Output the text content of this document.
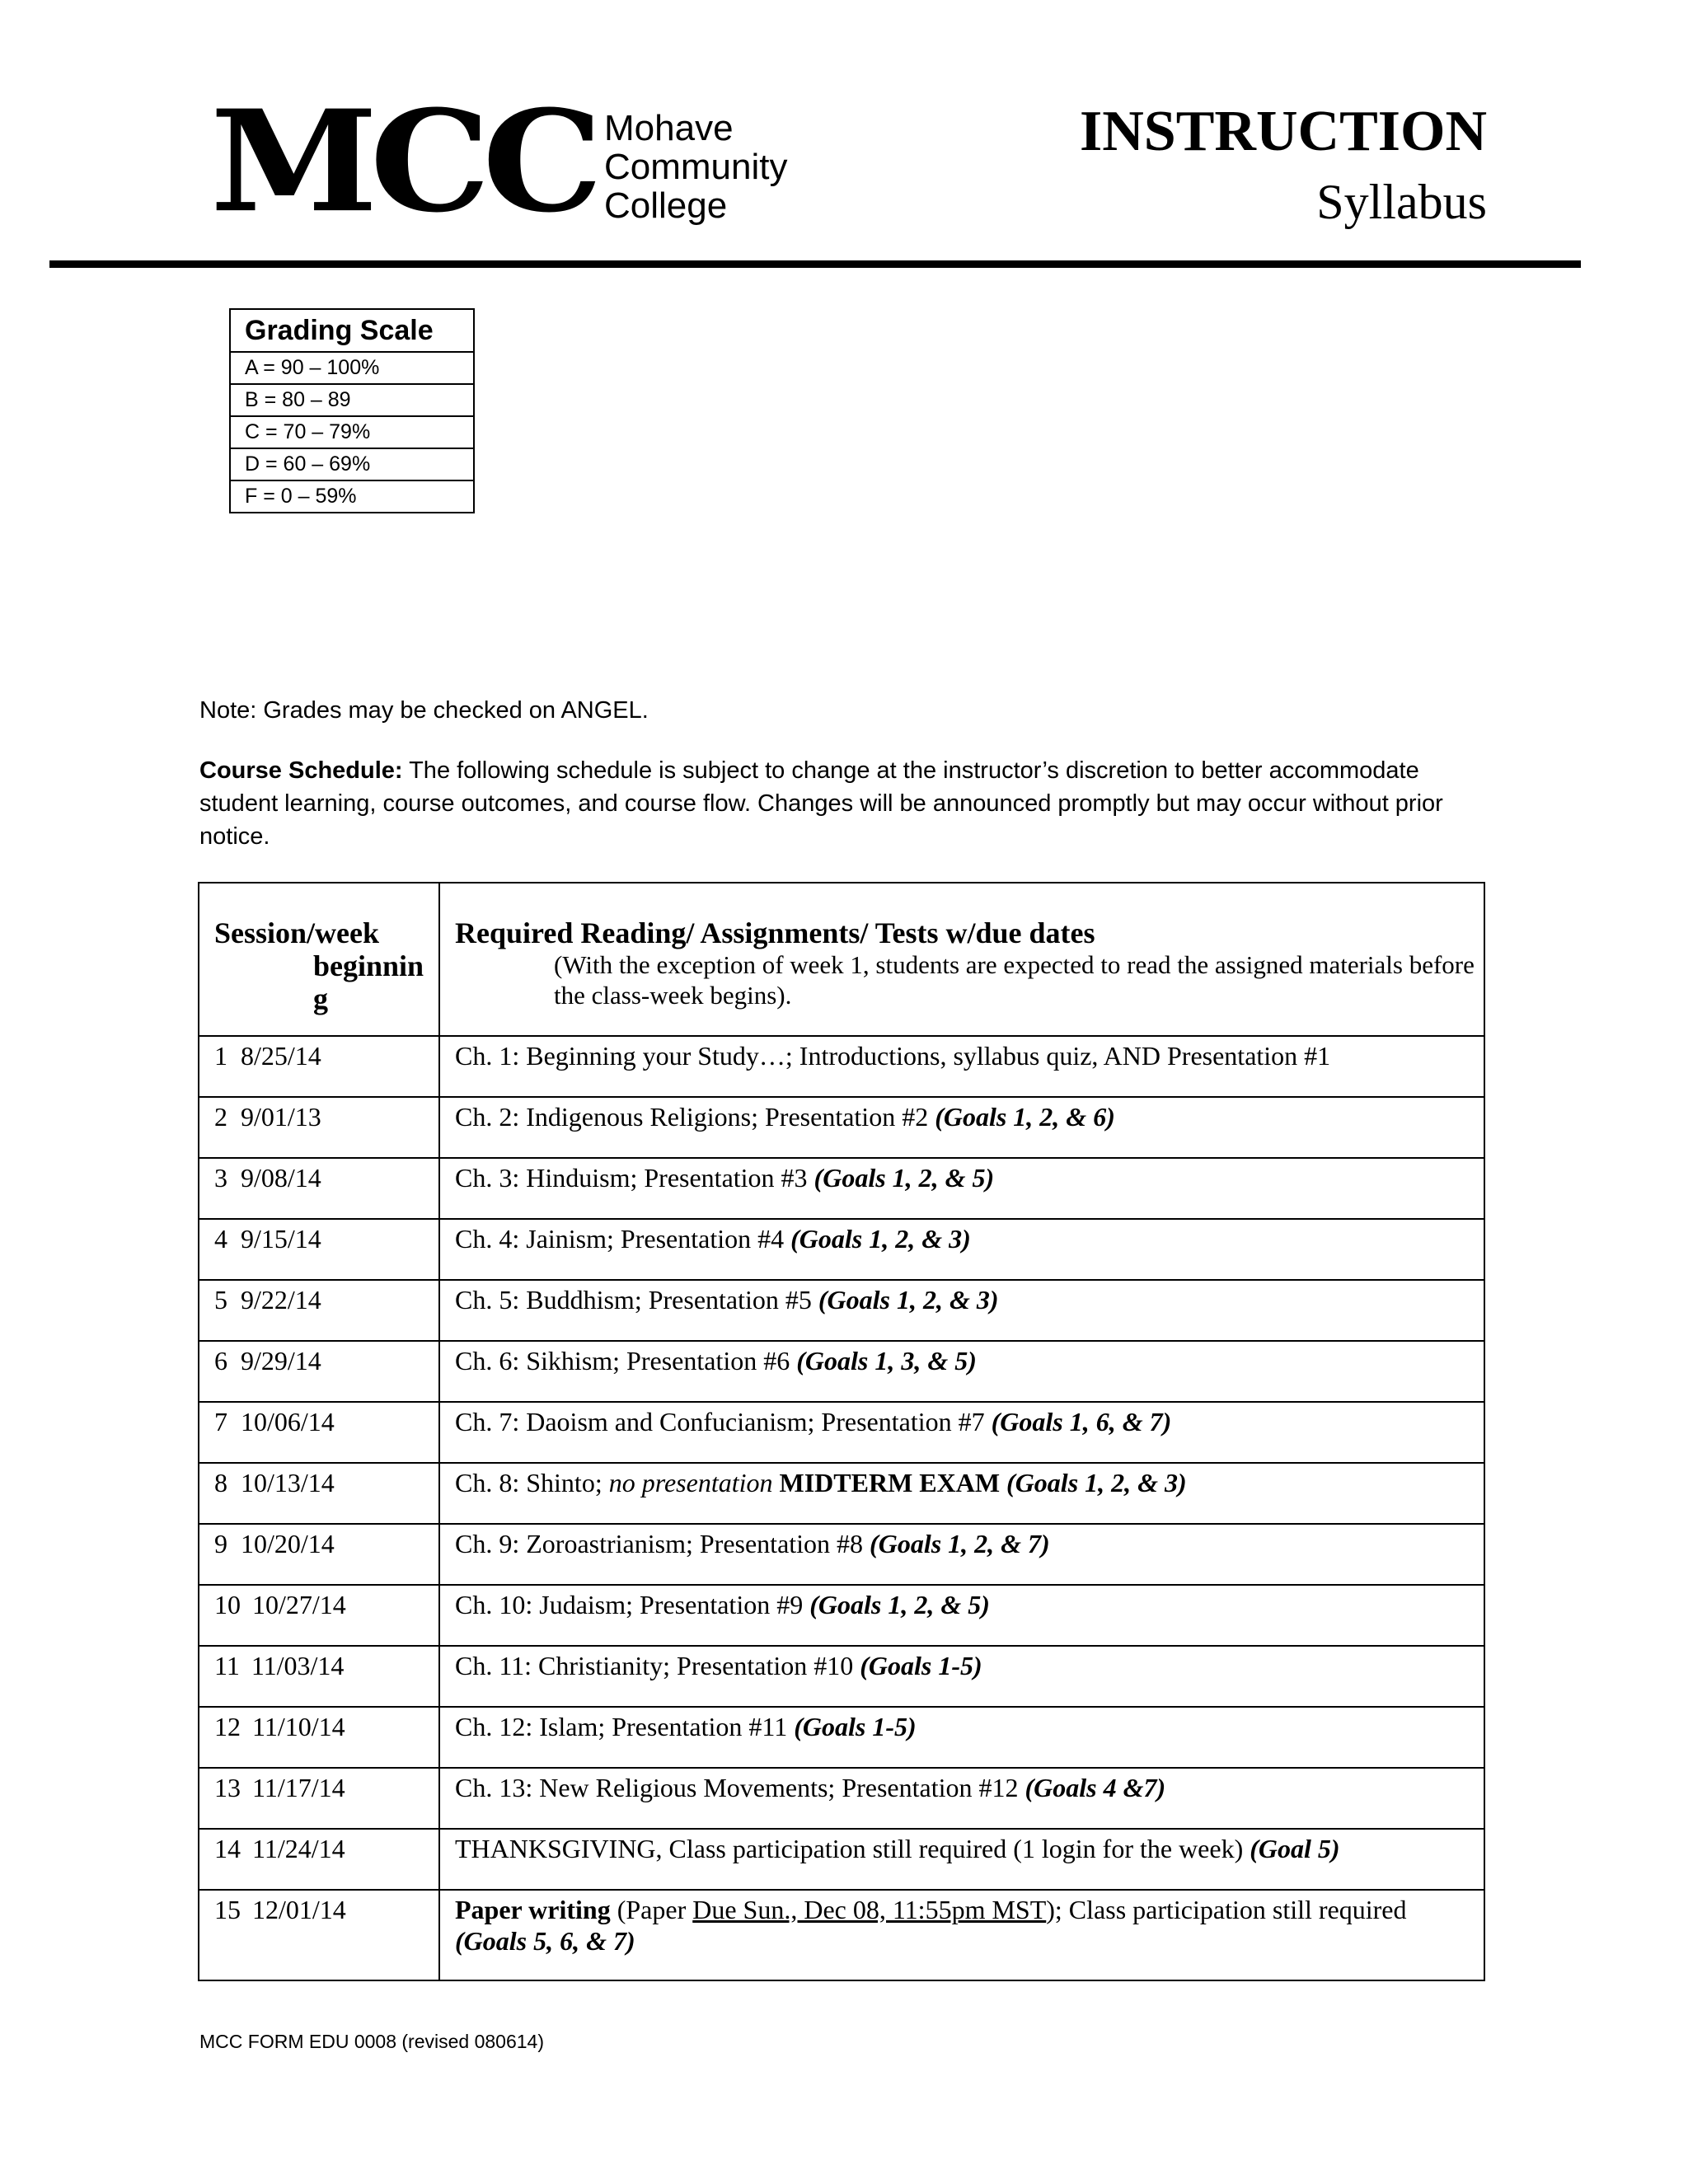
MCC Mohave
Community
College
INSTRUCTION
Syllabus
Grading Scale
A = 90 – 100%
B = 80 – 89
C = 70 – 79%
D = 60 – 69%
F = 0 – 59%
Note: Grades may be checked on ANGEL.
Course Schedule: The following schedule is subject to change at the instructor’s discretion to better accommodate student learning, course outcomes, and course flow. Changes will be announced promptly but may occur without prior notice.
Session/week
beginnin
g	Required Reading/ Assignments/ Tests w/due dates
(With the exception of week 1, students are expected to read the assigned materials before the class-week begins).

1 8/25/14	Ch. 1: Beginning your Study…; Introductions, syllabus quiz, AND Presentation #1
2 9/01/13	Ch. 2: Indigenous Religions; Presentation #2 (Goals 1, 2, & 6)
3 9/08/14	Ch. 3: Hinduism; Presentation #3 (Goals 1, 2, & 5)
4 9/15/14	Ch. 4: Jainism; Presentation #4 (Goals 1, 2, & 3)
5 9/22/14	Ch. 5: Buddhism; Presentation #5 (Goals 1, 2, & 3)
6 9/29/14	Ch. 6: Sikhism; Presentation #6 (Goals 1, 3, & 5)
7 10/06/14	Ch. 7: Daoism and Confucianism; Presentation #7 (Goals 1, 6, & 7)
8 10/13/14	Ch. 8: Shinto; no presentation MIDTERM EXAM (Goals 1, 2, & 3)
9 10/20/14	Ch. 9: Zoroastrianism; Presentation #8 (Goals 1, 2, & 7)
10 10/27/14	Ch. 10: Judaism; Presentation #9 (Goals 1, 2, & 5)
11 11/03/14	Ch. 11: Christianity; Presentation #10 (Goals 1-5)
12 11/10/14	Ch. 12: Islam; Presentation #11 (Goals 1-5)
13 11/17/14	Ch. 13: New Religious Movements; Presentation #12 (Goals 4 &7)
14 11/24/14	THANKSGIVING, Class participation still required (1 login for the week) (Goal 5)
15 12/01/14	Paper writing (Paper Due Sun., Dec 08, 11:55pm MST); Class participation still required (Goals 5, 6, & 7)
MCC FORM EDU 0008 (revised 080614)
